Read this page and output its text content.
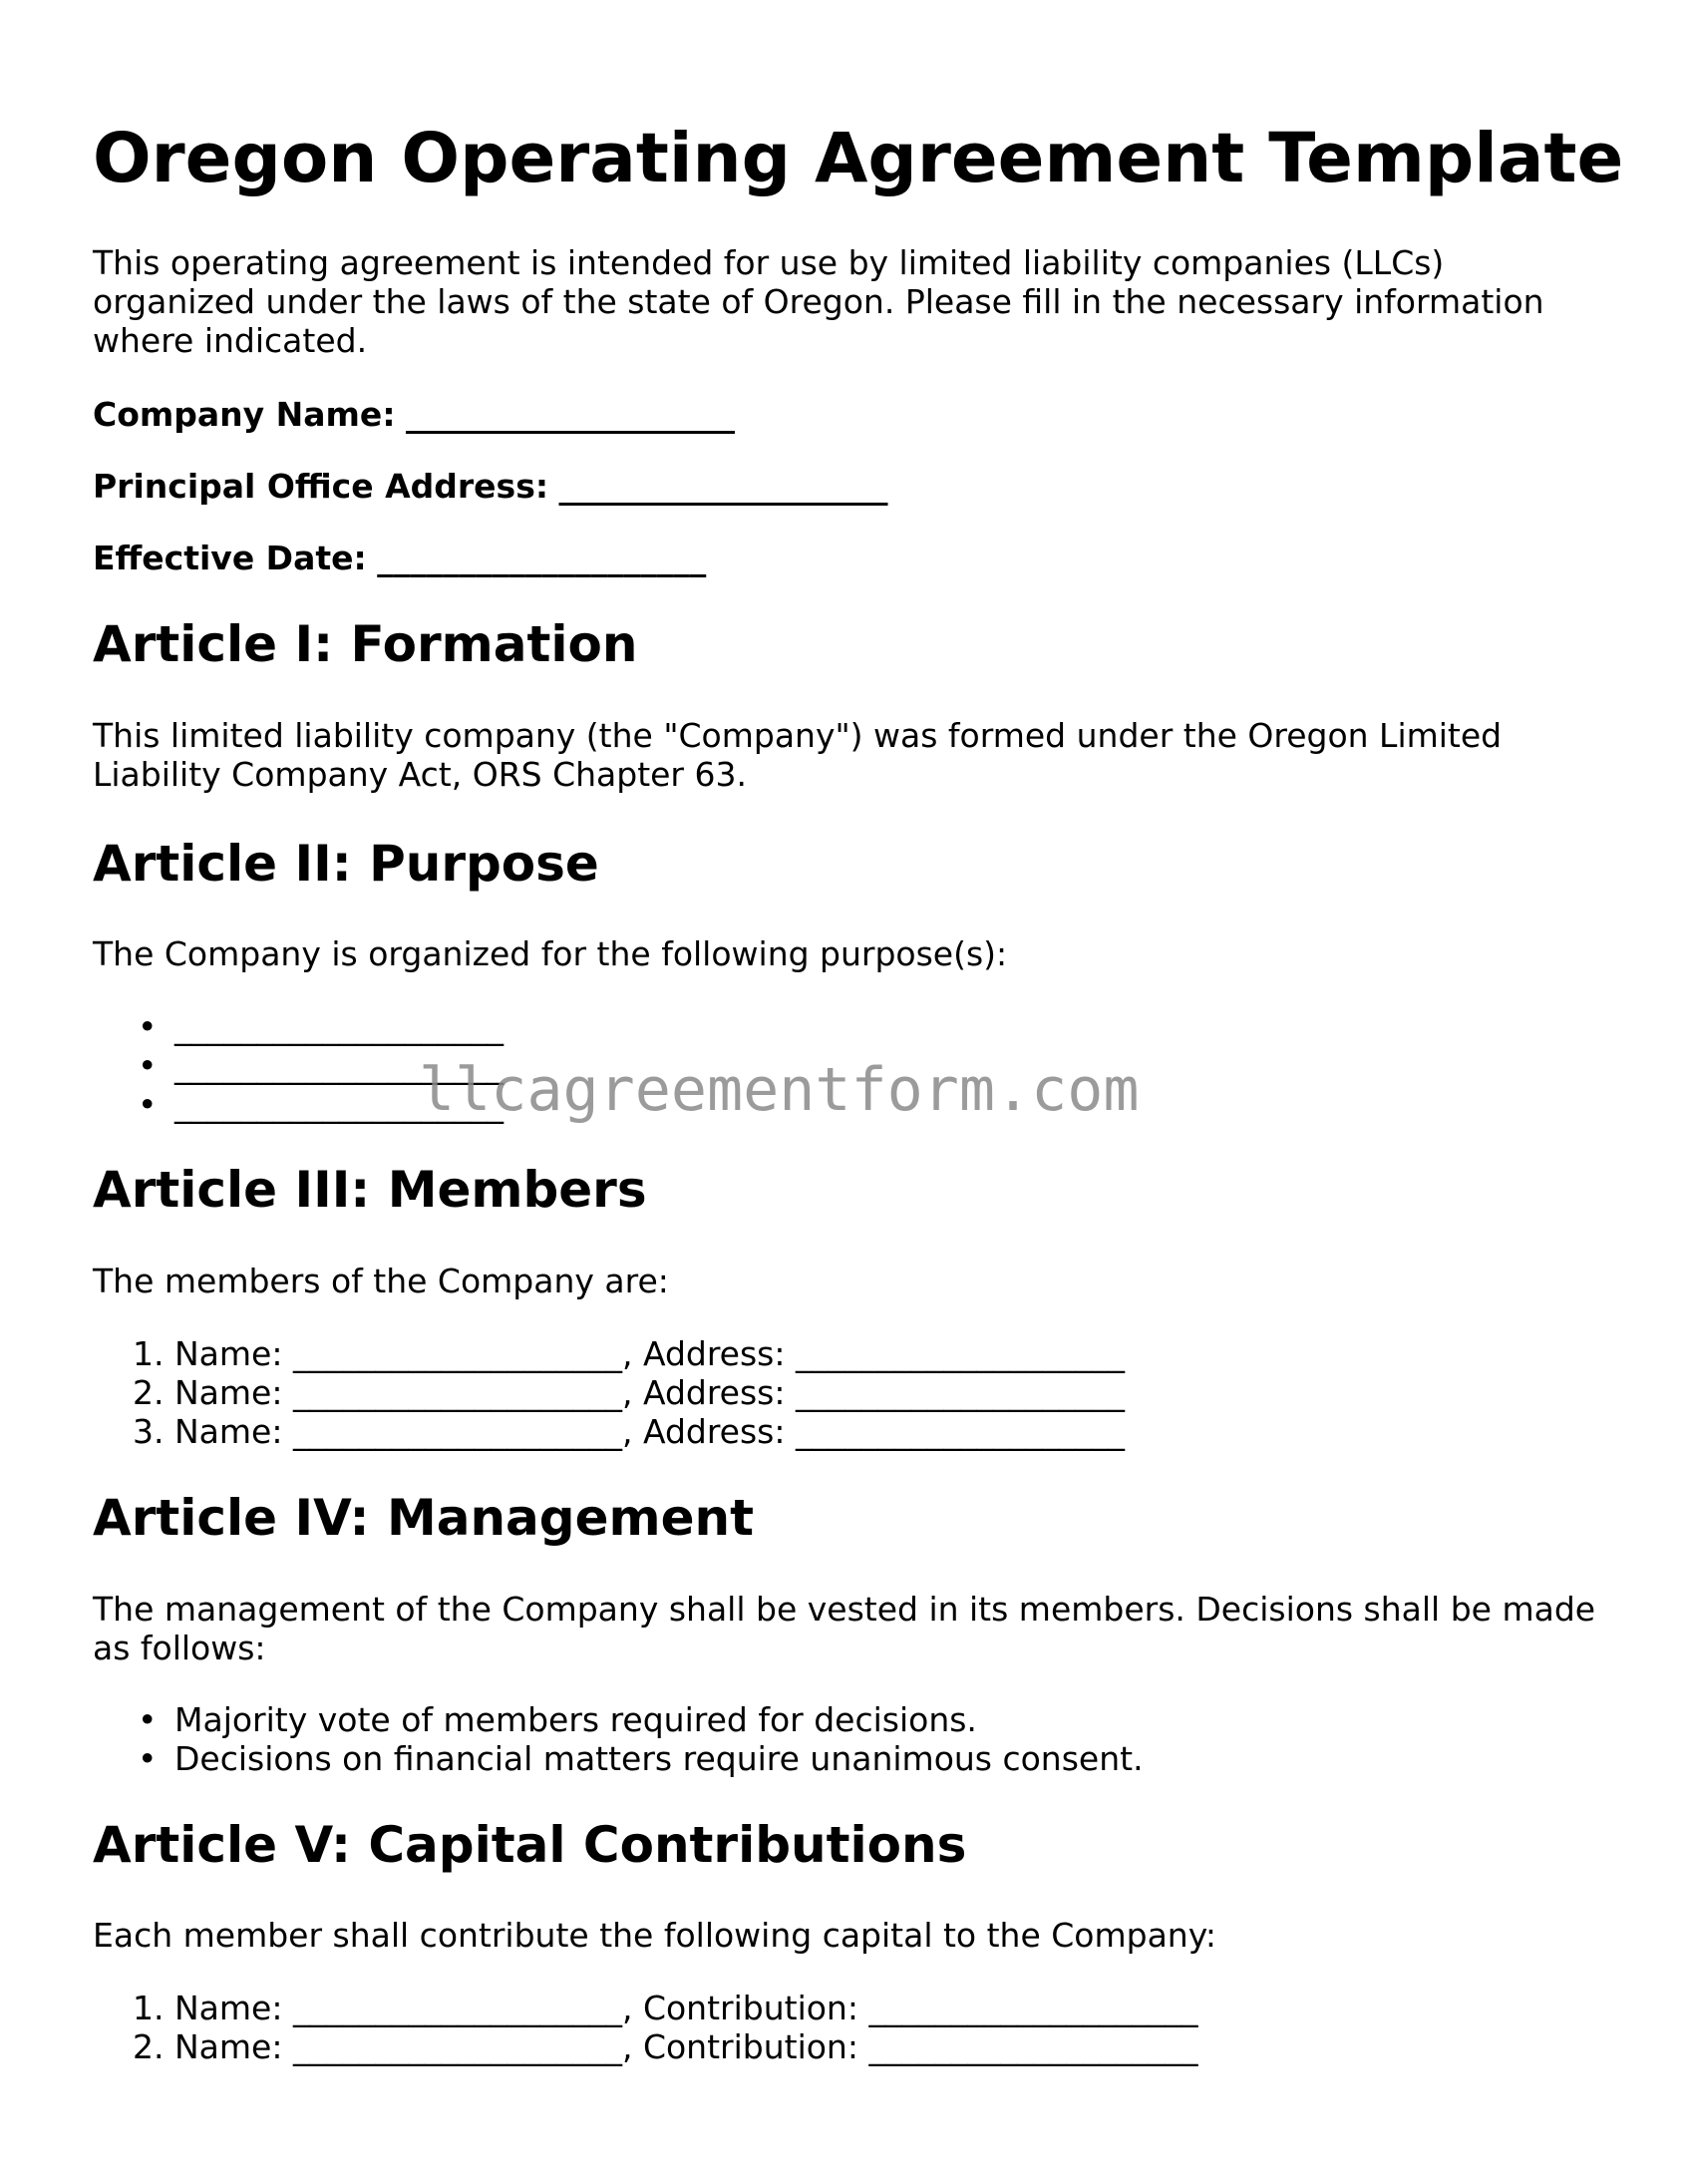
Oregon Operating Agreement Template

This operating agreement is intended for use by limited liability companies (LLCs) organized under the laws of the state of Oregon. Please fill in the necessary information where indicated.

Company Name: ____________________
Principal Office Address: ____________________
Effective Date: ____________________
Article I: Formation

This limited liability company (the "Company") was formed under the Oregon Limited Liability Company Act, ORS Chapter 63.

Article II: Purpose

The Company is organized for the following purpose(s):

• ____________________
• ____________________
• ____________________
Article III: Members

The members of the Company are:

1. Name: ____________________, Address: ____________________
2. Name: ____________________, Address: ____________________
3. Name: ____________________, Address: ____________________
Article IV: Management

The management of the Company shall be vested in its members. Decisions shall be made as follows:

• Majority vote of members required for decisions.
• Decisions on financial matters require unanimous consent.
Article V: Capital Contributions

Each member shall contribute the following capital to the Company:

1. Name: ____________________, Contribution: ____________________
2. Name: ____________________, Contribution: ____________________
llcagreementform.com
